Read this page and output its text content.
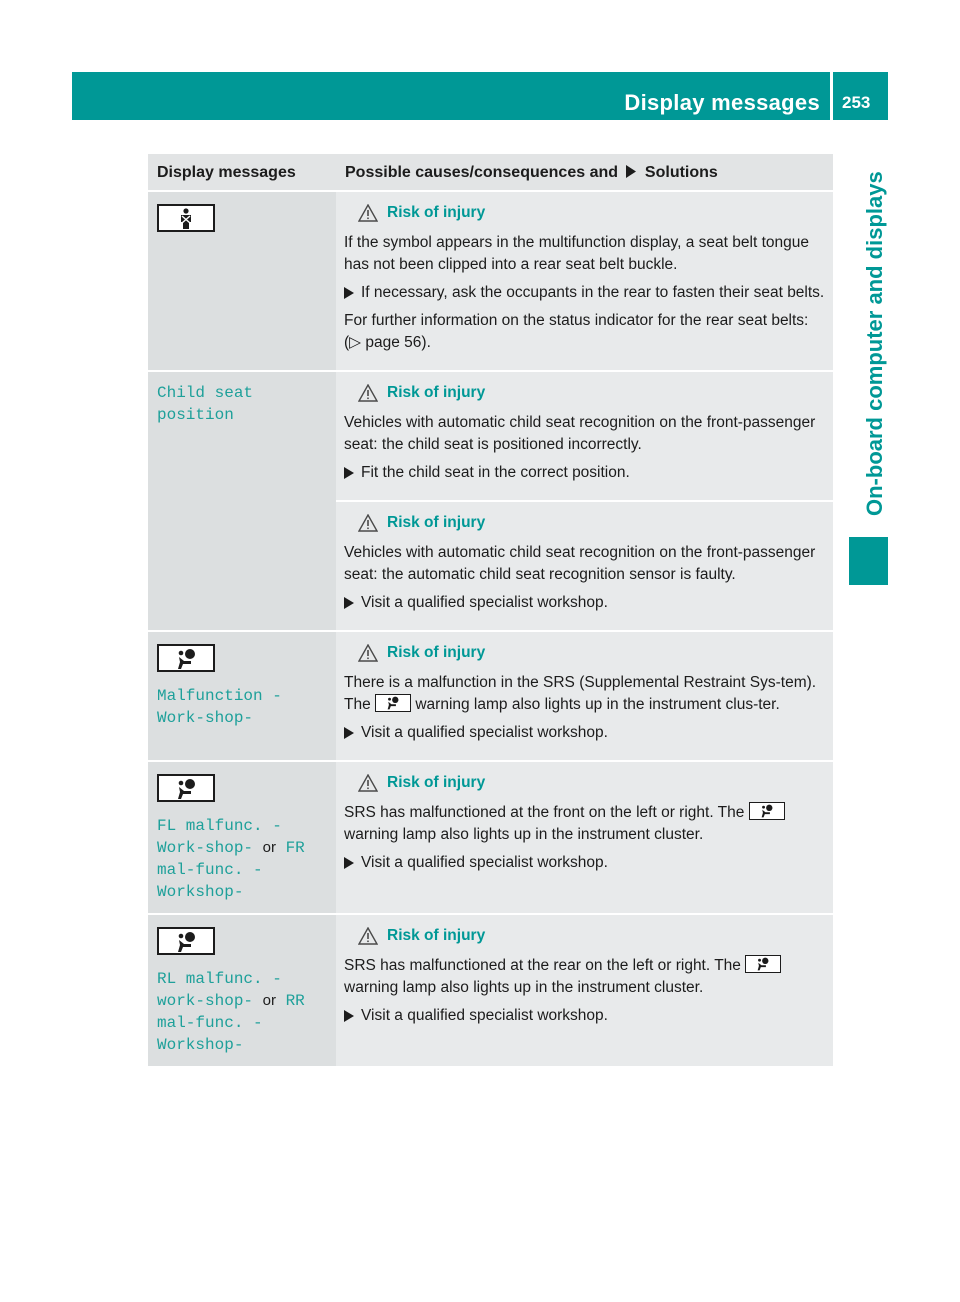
Display messages 253
On-board computer and displays
Display messages	Possible causes/consequences and Solutions

Risk of injury

If the symbol appears in the multifunction display, a seat belt tongue has not been clipped into a rear seat belt buckle.

If necessary, ask the occupants in the rear to fasten their seat belts.

For further information on the status indicator for the rear seat belts: (▷ page 56).

Child seat position	Risk of injury

Vehicles with automatic child seat recognition on the front-passenger seat: the child seat is positioned incorrectly.

Fit the child seat in the correct position.

	Risk of injury

Vehicles with automatic child seat recognition on the front-passenger seat: the automatic child seat recognition sensor is faulty.

Visit a qualified specialist workshop.

Malfunction -Work‐shop-	Risk of injury

There is a malfunction in the SRS (Supplemental Restraint Sys-tem). The warning lamp also lights up in the instrument clus-ter.

Visit a qualified specialist workshop.

FL malfunc. -Work‐shop- or FR mal‐func. -Workshop-	Risk of injury

SRS has malfunctioned at the front on the left or right. The
warning lamp also lights up in the instrument cluster.

Visit a qualified specialist workshop.

RL malfunc. -work‐shop- or RR mal‐func. -Workshop-	Risk of injury

SRS has malfunctioned at the rear on the left or right. The
warning lamp also lights up in the instrument cluster.

Visit a qualified specialist workshop.
